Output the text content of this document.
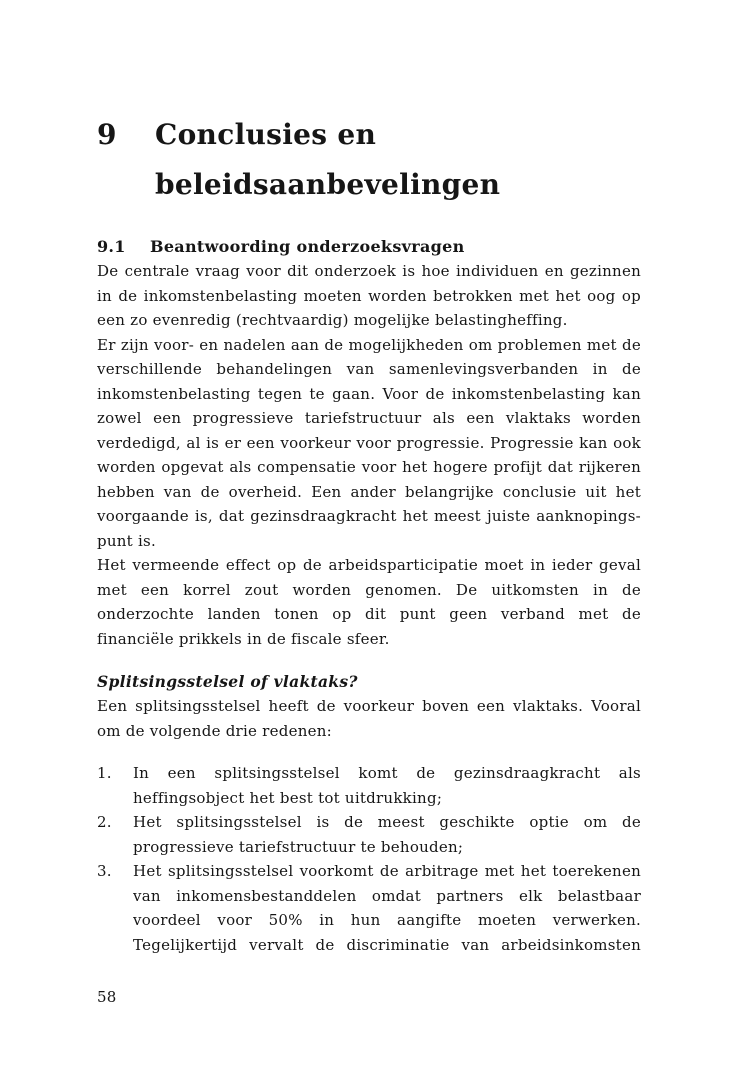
9 Conclusies en
beleidsaanbevelingen
9.1 Beantwoording onderzoeksvragen
De centrale vraag voor dit onderzoek is hoe individuen en gezinnen
in de inkomstenbelasting moeten worden betrokken met het oog op
een zo evenredig (rechtvaardig) mogelijke belastingheffing.
Er zijn voor- en nadelen aan de mogelijkheden om problemen met de
verschillende behandelingen van samenlevingsverbanden in de
inkomstenbelasting tegen te gaan. Voor de inkomstenbelasting kan
zowel een progressieve tariefstructuur als een vlaktaks worden
verdedigd, al is er een voorkeur voor progressie. Progressie kan ook
worden opgevat als compensatie voor het hogere profijt dat rijkeren
hebben van de overheid. Een ander belangrijke conclusie uit het
voorgaande is, dat gezinsdraagkracht het meest juiste aanknopings-
punt is.
Het vermeende effect op de arbeidsparticipatie moet in ieder geval
met een korrel zout worden genomen. De uitkomsten in de
onderzochte landen tonen op dit punt geen verband met de
financiële prikkels in de fiscale sfeer.
Splitsingsstelsel of vlaktaks?
Een splitsingsstelsel heeft de voorkeur boven een vlaktaks. Vooral
om de volgende drie redenen:
1. In een splitsingsstelsel komt de gezinsdraagkracht als
heffingsobject het best tot uitdrukking;
2. Het splitsingsstelsel is de meest geschikte optie om de
progressieve tariefstructuur te behouden;
3. Het splitsingsstelsel voorkomt de arbitrage met het toerekenen
van inkomensbestanddelen omdat partners elk belastbaar
voordeel voor 50% in hun aangifte moeten verwerken.
Tegelijkertijd vervalt de discriminatie van arbeidsinkomsten
58
